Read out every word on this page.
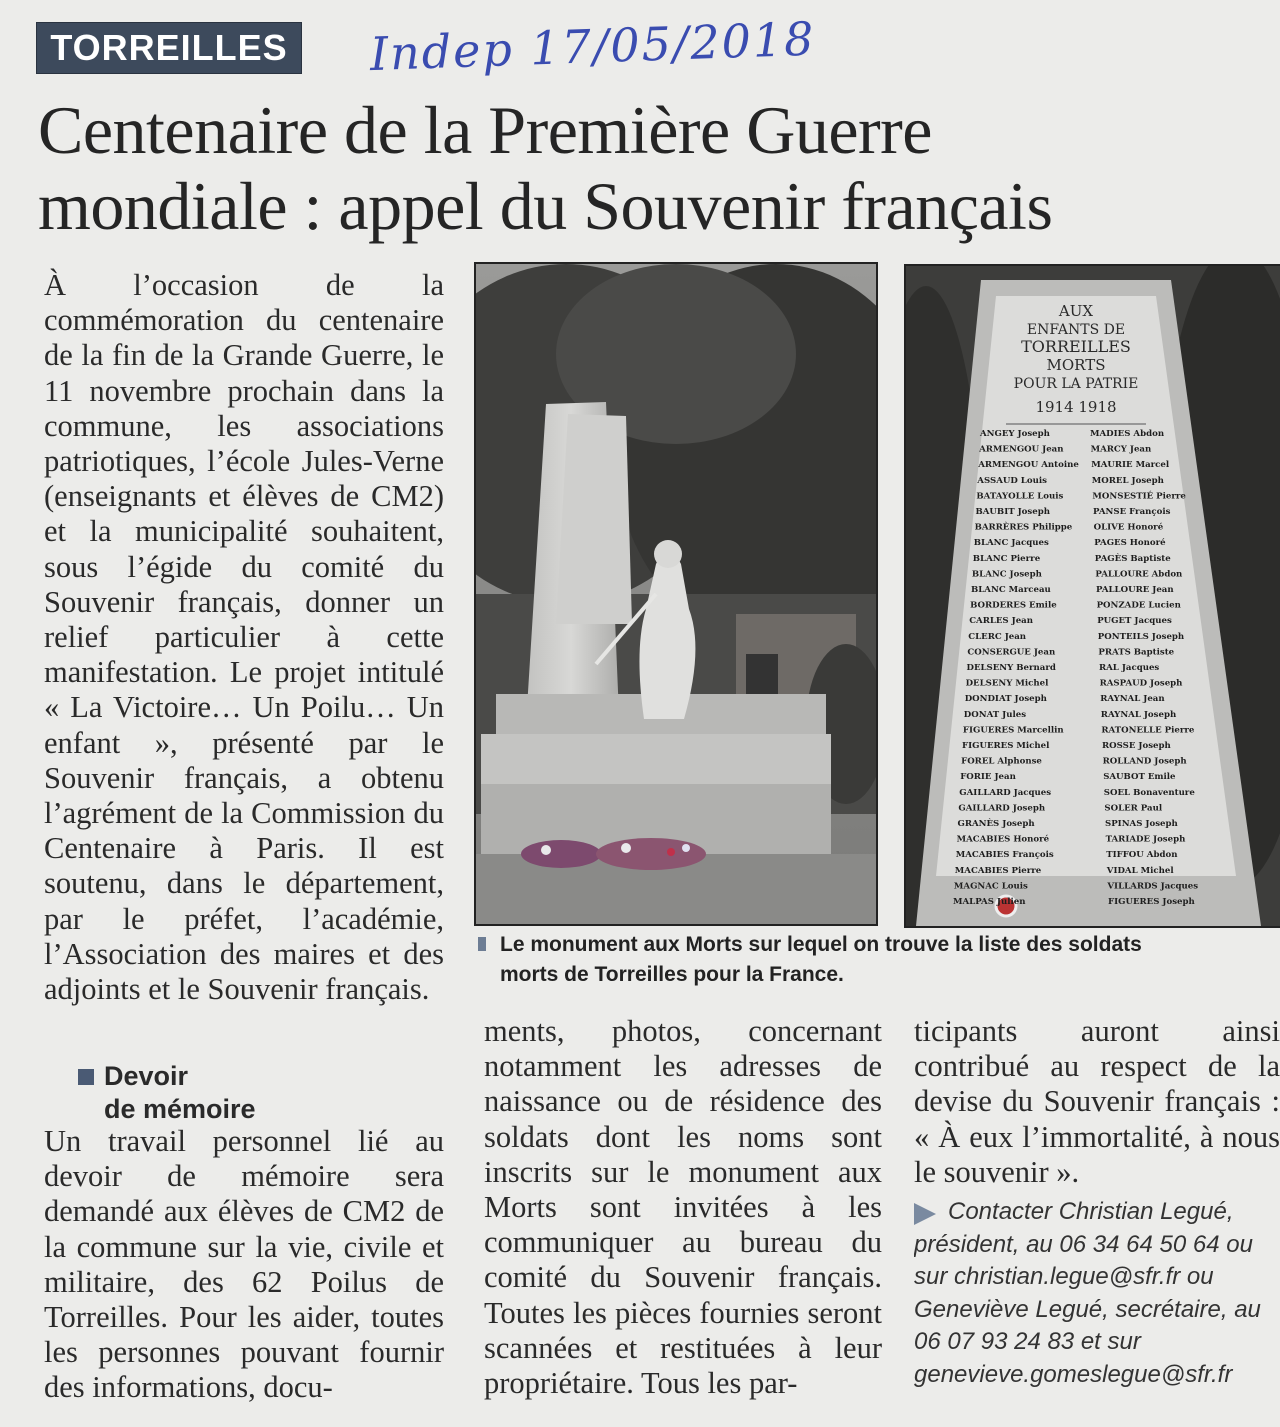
TORREILLES	Indep 17/05/2018
Centenaire de la Première Guerre
mondiale : appel du Souvenir français
À l’occasion de la commémoration du centenaire de la fin de la Grande Guerre, le 11 novembre prochain dans la commune, les associations patriotiques, l’école Jules-Verne (enseignants et élèves de CM2) et la municipalité souhaitent, sous l’égide du comité du Souvenir français, donner un relief particulier à cette manifestation. Le projet intitulé « La Victoire… Un Poilu… Un enfant », présenté par le Souvenir français, a obtenu l’agrément de la Commission du Centenaire à Paris. Il est soutenu, dans le département, par le préfet, l’académie, l’Association des maires et des adjoints et le Souvenir français.
Devoir
de mémoire
Un travail personnel lié au devoir de mémoire sera demandé aux élèves de CM2 de la commune sur la vie, civile et militaire, des 62 Poilus de Torreilles. Pour les aider, toutes les personnes pouvant fournir des informations, docu-
ments, photos, concernant notamment les adresses de naissance ou de résidence des soldats dont les noms sont inscrits sur le monument aux Morts sont invitées à les communiquer au bureau du comité du Souvenir français. Toutes les pièces fournies seront scannées et restituées à leur propriétaire. Tous les par-
ticipants auront ainsi contribué au respect de la devise du Souvenir français : « À eux l’immortalité, à nous le souvenir ».
Contacter Christian Legué, président, au 06 34 64 50 64 ou sur christian.legue@sfr.fr ou Geneviève Legué, secrétaire, au 06 07 93 24 83 et sur genevieve.gomeslegue@sfr.fr
AUX
ENFANTS DE
TORREILLES
MORTS
POUR LA PATRIE
1914 1918
ANGEY Joseph
ARMENGOU Jean
ARMENGOU Antoine
ASSAUD Louis
BATAYOLLE Louis
BAUBIT Joseph
BARRÈRES Philippe
BLANC Jacques
BLANC Pierre
BLANC Joseph
BLANC Marceau
BORDERES Emile
CARLES Jean
CLERC Jean
CONSERGUE Jean
DELSENY Bernard
DELSENY Michel
DONDIAT Joseph
DONAT Jules
FIGUERES Marcellin
FIGUERES Michel
FOREL Alphonse
FORIE Jean
GAILLARD Jacques
GAILLARD Joseph
GRANÈS Joseph
MACABIES Honoré
MACABIES François
MACABIES Pierre
MAGNAC Louis
MALPAS Julien
MADIES Abdon
MARCY Jean
MAURIE Marcel
MOREL Joseph
MONSESTIÉ Pierre
PANSE François
OLIVE Honoré
PAGES Honoré
PAGÈS Baptiste
PALLOURE Abdon
PALLOURE Jean
PONZADE Lucien
PUGET Jacques
PONTEILS Joseph
PRATS Baptiste
RAL Jacques
RASPAUD Joseph
RAYNAL Jean
RAYNAL Joseph
RATONELLE Pierre
ROSSE Joseph
ROLLAND Joseph
SAUBOT Emile
SOEL Bonaventure
SOLER Paul
SPINAS Joseph
TARIADE Joseph
TIFFOU Abdon
VIDAL Michel
VILLARDS Jacques
FIGUERES Joseph
Le monument aux Morts sur lequel on trouve la liste des soldats
morts de Torreilles pour la France.
